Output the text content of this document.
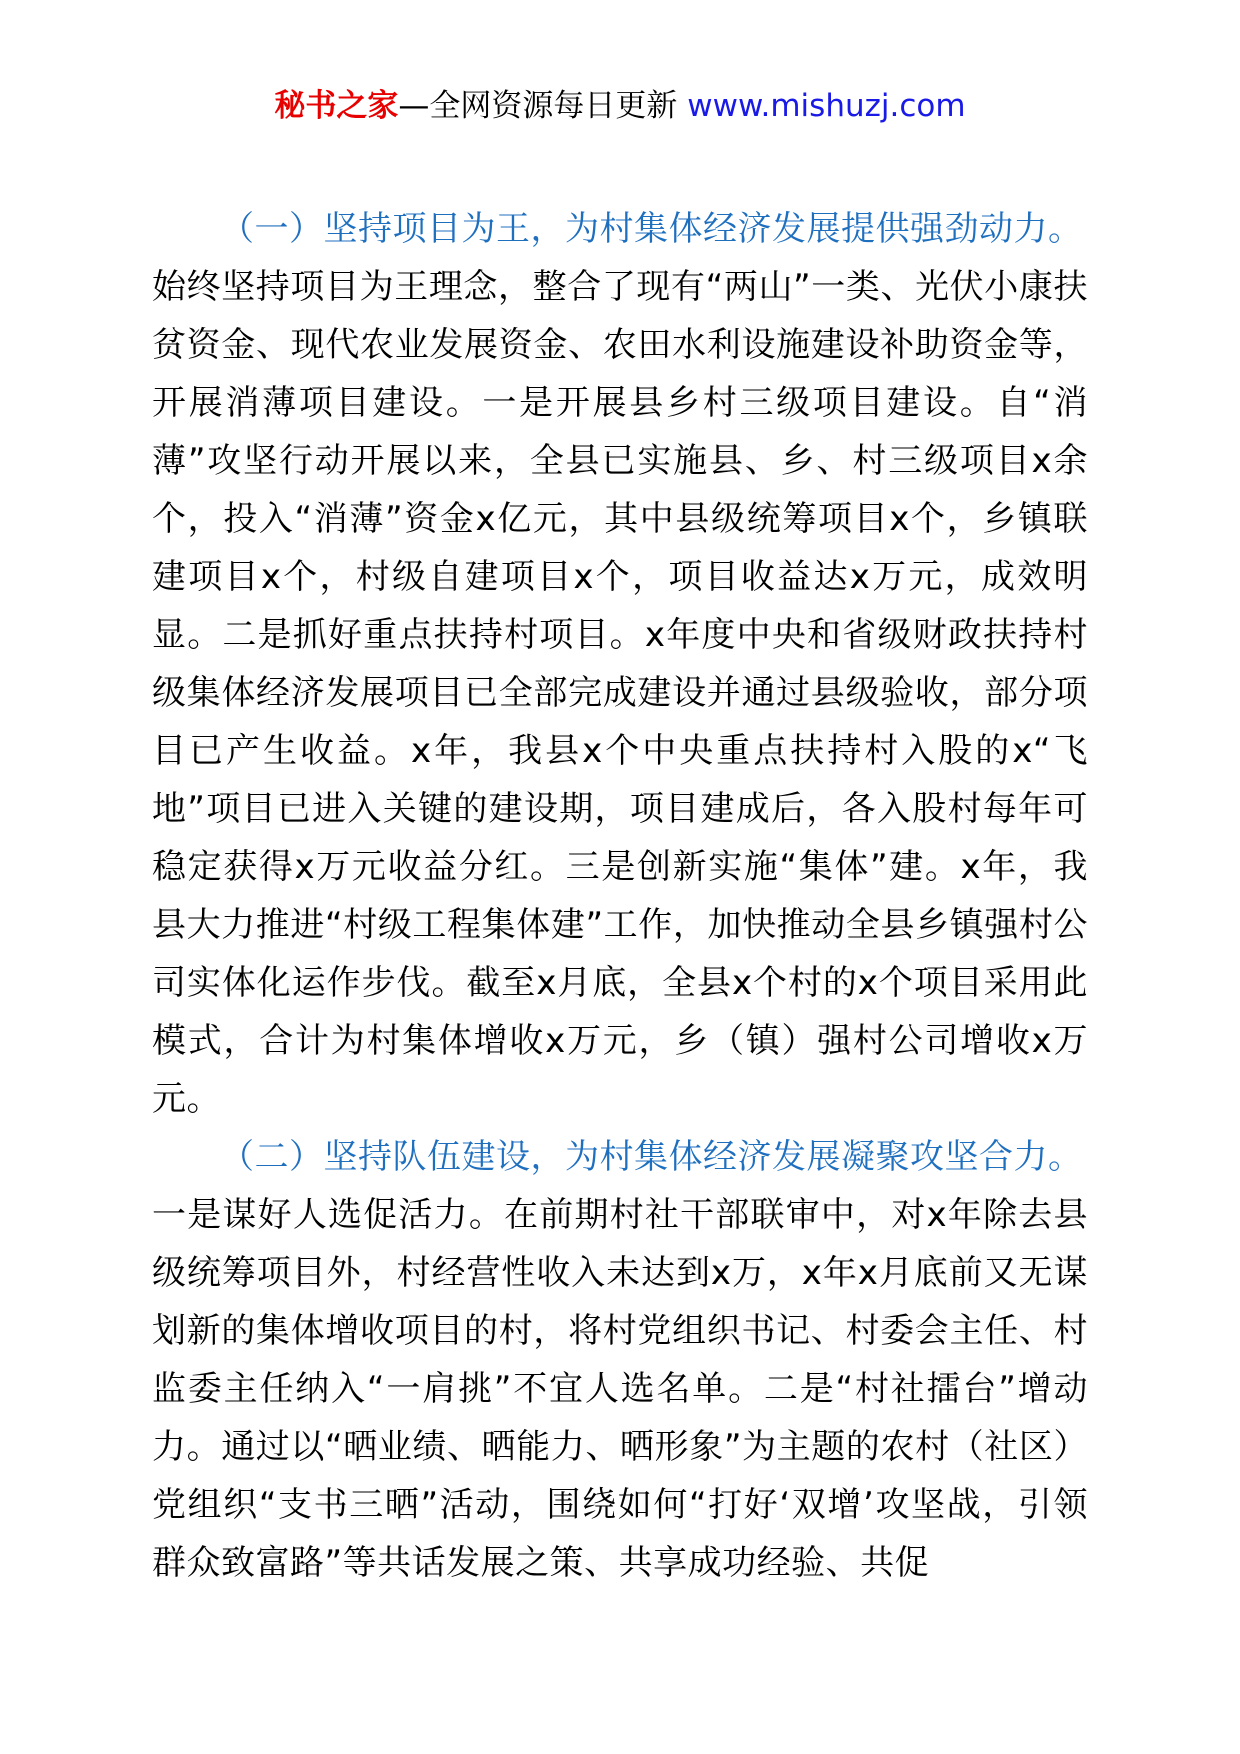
秘书之家—全网资源每日更新 www.mishuzj.com

（一）坚持项目为王，为村集体经济发展提供强劲动力。

始终坚持项目为王理念，整合了现有“两山”一类、光伏小康扶贫资金、现代农业发展资金、农田水利设施建设补助资金等，开展消薄项目建设。一是开展县乡村三级项目建设。自“消薄”攻坚行动开展以来，全县已实施县、乡、村三级项目x余个，投入“消薄”资金x亿元，其中县级统筹项目x个，乡镇联建项目x个，村级自建项目x个，项目收益达x万元，成效明显。二是抓好重点扶持村项目。x年度中央和省级财政扶持村级集体经济发展项目已全部完成建设并通过县级验收，部分项目已产生收益。x年，我县x个中央重点扶持村入股的x“飞地”项目已进入关键的建设期，项目建成后，各入股村每年可稳定获得x万元收益分红。三是创新实施“集体”建。x年，我县大力推进“村级工程集体建”工作，加快推动全县乡镇强村公司实体化运作步伐。截至x月底，全县x个村的x个项目采用此模式，合计为村集体增收x万元，乡（镇）强村公司增收x万元。

（二）坚持队伍建设，为村集体经济发展凝聚攻坚合力。

一是谋好人选促活力。在前期村社干部联审中，对x年除去县级统筹项目外，村经营性收入未达到x万，x年x月底前又无谋划新的集体增收项目的村，将村党组织书记、村委会主任、村监委主任纳入“一肩挑”不宜人选名单。二是“村社擂台”增动力。通过以“晒业绩、晒能力、晒形象”为主题的农村（社区）党组织“支书三晒”活动，围绕如何“打好‘双增’攻坚战，引领群众致富路”等共话发展之策、共享成功经验、共促
